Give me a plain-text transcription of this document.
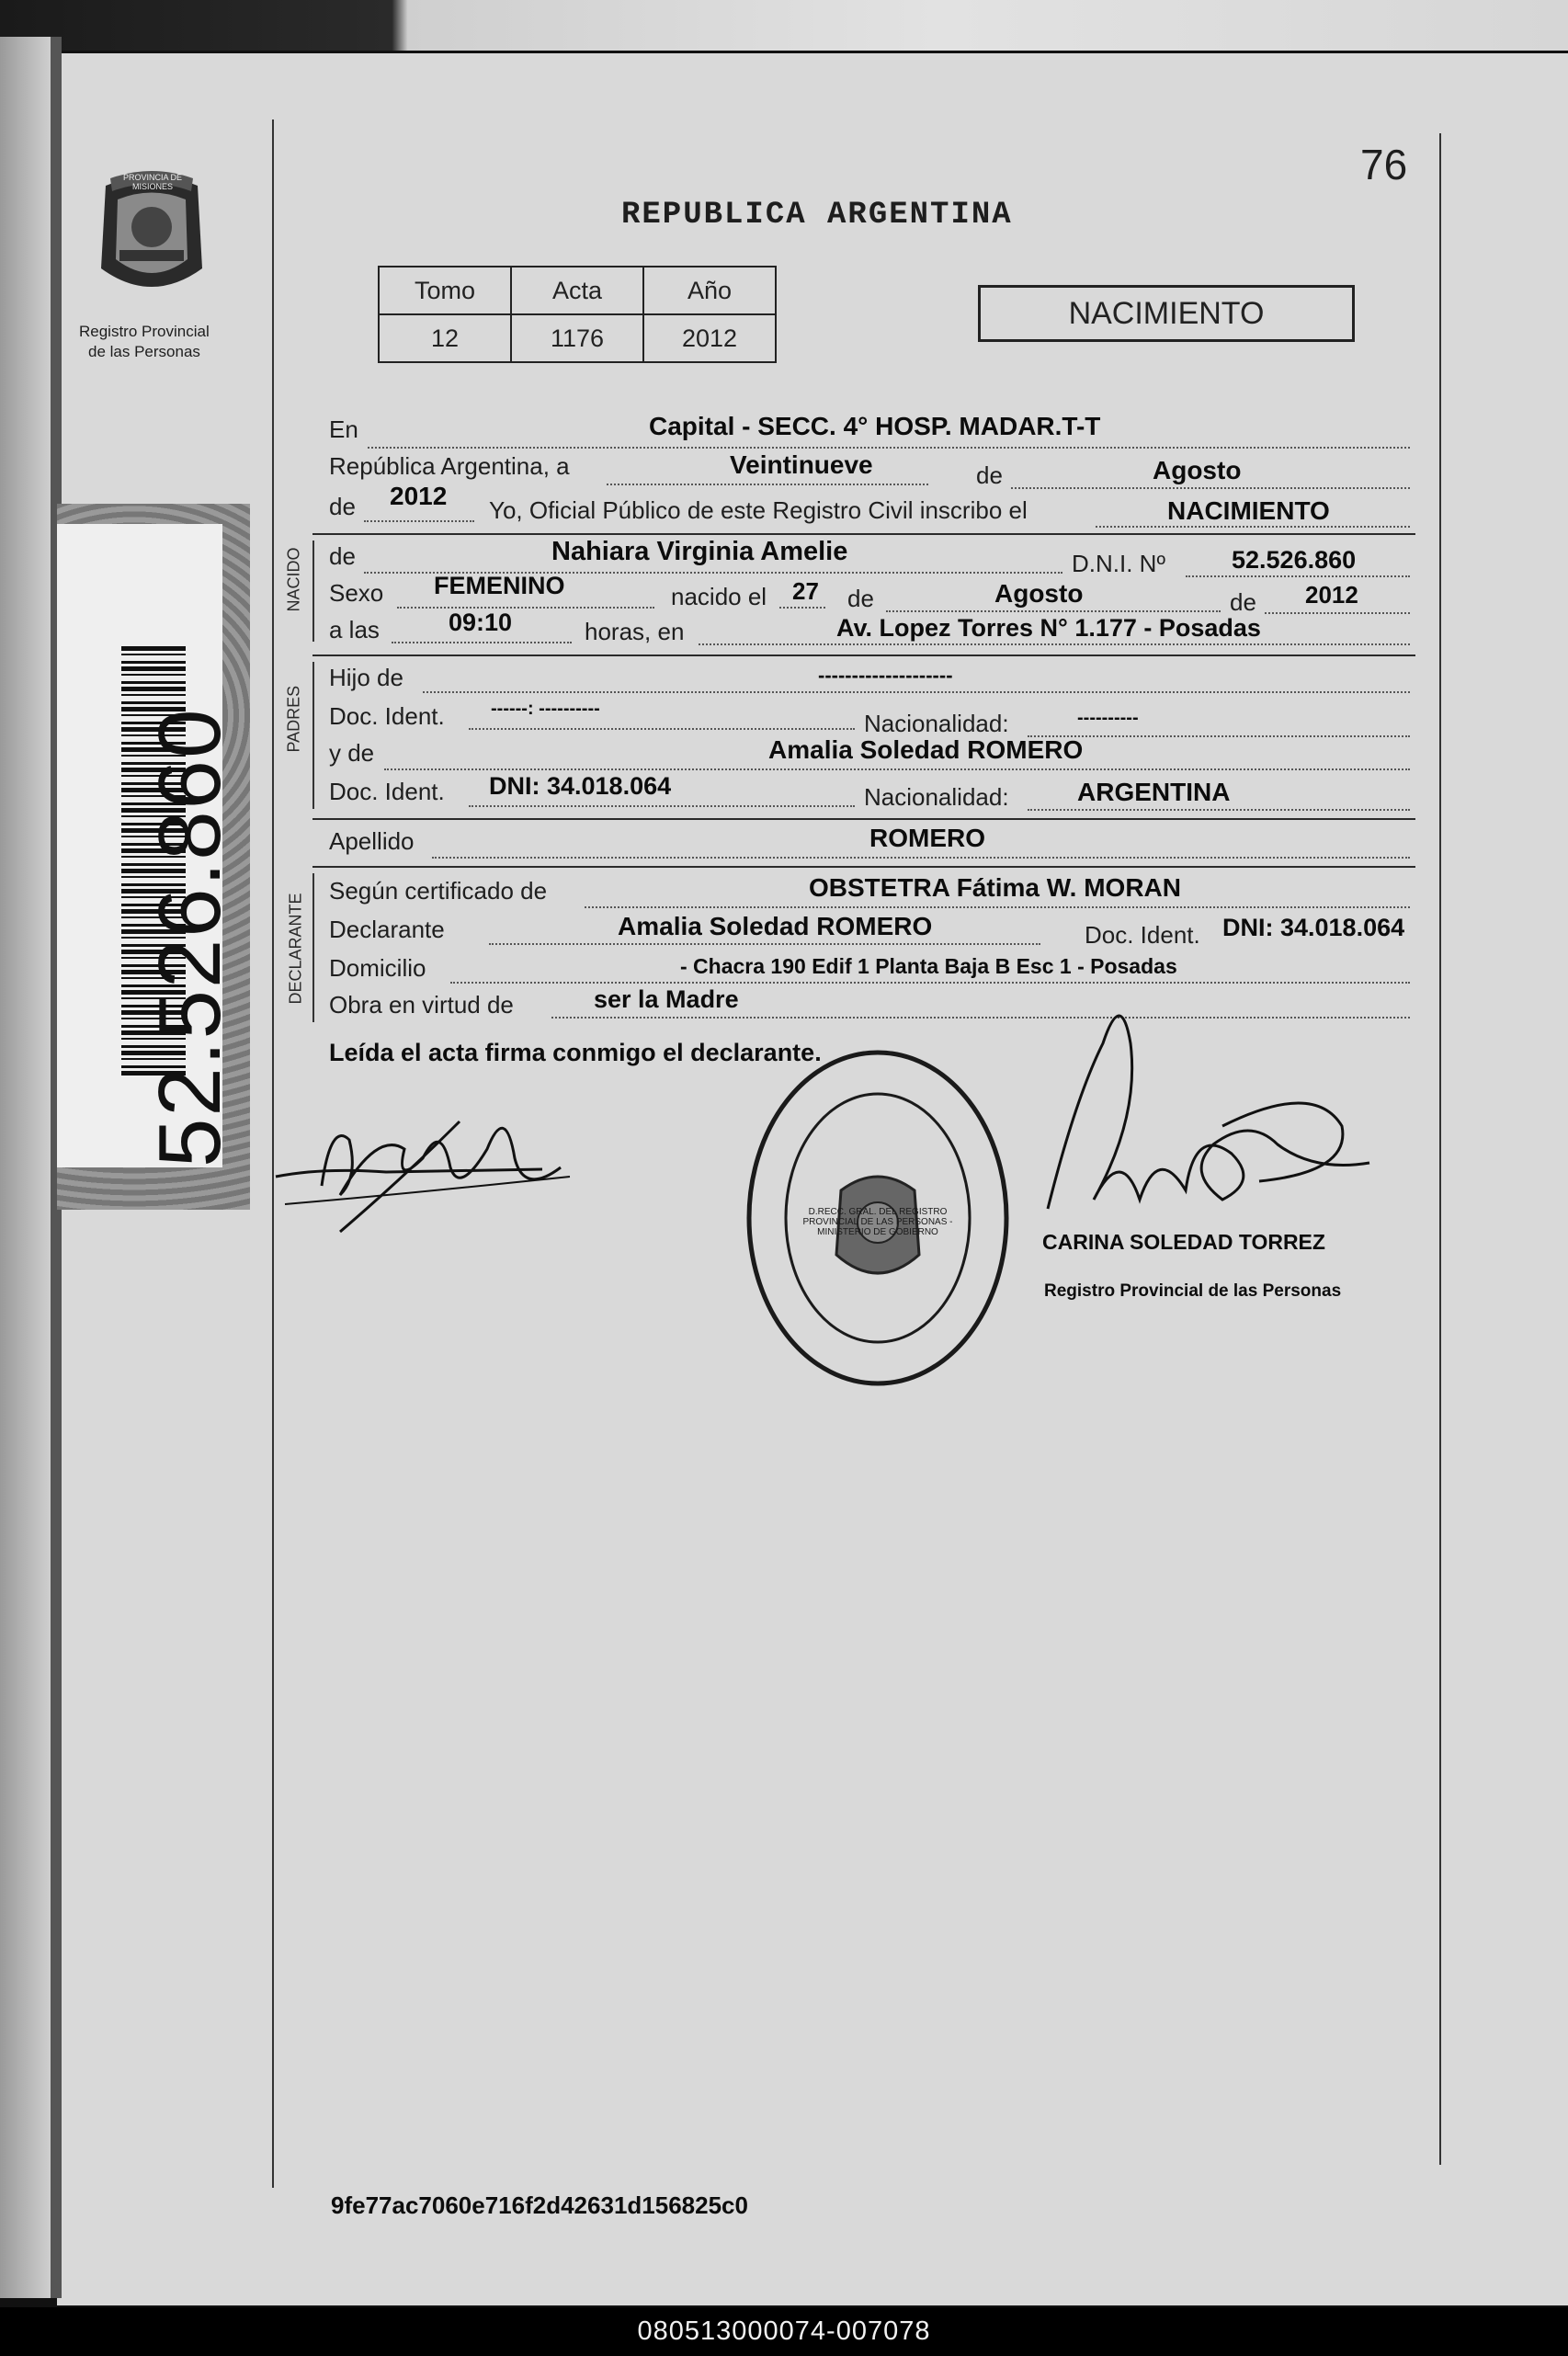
PROVINCIA DE MISIONES
Registro Provincial
de las Personas
76
REPUBLICA ARGENTINA
Tomo	Acta	Año
12	1176	2012
NACIMIENTO
52.526.860
En	Capital - SECC. 4° HOSP. MADAR.T-T
República Argentina, a	Veintinueve	de	Agosto
de 2012 Yo, Oficial Público de este Registro Civil inscribo el	NACIMIENTO
NACIDO de	Nahiara Virginia Amelie	D.N.I. Nº	52.526.860
Sexo FEMENINO	nacido el 27 de	Agosto	de 2012
a las	09:10	horas, en	Av. Lopez Torres N° 1.177 - Posadas
PADRES
Hijo de	--------------------
Doc. Ident.	------: ----------
Nacionalidad:	----------
y de	Amalia Soledad ROMERO
Doc. Ident. DNI: 34.018.064	Nacionalidad:	ARGENTINA
Apellido	ROMERO
DECLARANTE
Según certificado de	OBSTETRA Fátima W. MORAN
Declarante	Amalia Soledad ROMERO	Doc. Ident. DNI: 34.018.064
Domicilio	- Chacra 190 Edif 1 Planta Baja B Esc 1 - Posadas
Obra en virtud de	ser la Madre
Leída el acta firma conmigo el declarante.
D.RECC. GRAL. DEL REGISTRO PROVINCIAL DE LAS PERSONAS - MINISTERIO DE GOBIERNO	CARINA SOLEDAD TORREZ
Registro Provincial de las Personas
9fe77ac7060e716f2d42631d156825c0
080513000074-007078
